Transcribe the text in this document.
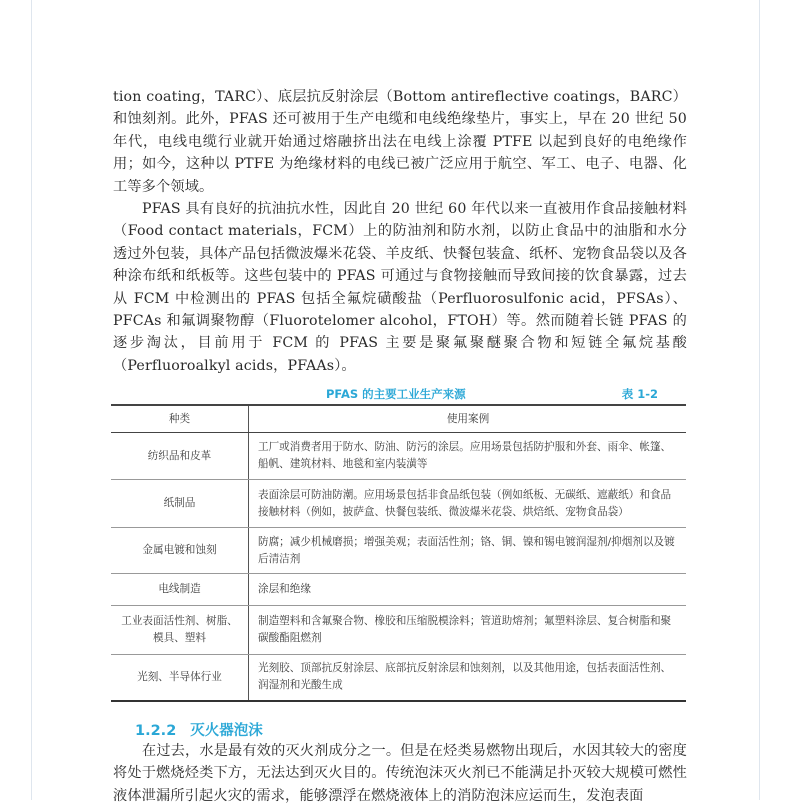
tion coating，TARC）、底层抗反射涂层（Bottom antireflective coatings，BARC）和蚀刻剂。此外，PFAS 还可被用于生产电缆和电线绝缘垫片，事实上，早在 20 世纪 50 年代，电线电缆行业就开始通过熔融挤出法在电线上涂覆 PTFE 以起到良好的电绝缘作用；如今，这种以 PTFE 为绝缘材料的电线已被广泛应用于航空、军工、电子、电器、化工等多个领域。

PFAS 具有良好的抗油抗水性，因此自 20 世纪 60 年代以来一直被用作食品接触材料（Food contact materials，FCM）上的防油剂和防水剂，以防止食品中的油脂和水分透过外包装，具体产品包括微波爆米花袋、羊皮纸、快餐包装盒、纸杯、宠物食品袋以及各种涂布纸和纸板等。这些包装中的 PFAS 可通过与食物接触而导致间接的饮食暴露，过去从 FCM 中检测出的 PFAS 包括全氟烷磺酸盐（Perfluorosulfonic acid，PFSAs）、PFCAs 和氟调聚物醇（Fluorotelomer alcohol，FTOH）等。然而随着长链 PFAS 的逐步淘汰，目前用于 FCM 的 PFAS 主要是聚氟聚醚聚合物和短链全氟烷基酸（Perfluoroalkyl acids，PFAAs）。

PFAS 的主要工业生产来源	表 1-2
种类	使用案例
纺织品和皮革	工厂或消费者用于防水、防油、防污的涂层。应用场景包括防护服和外套、雨伞、帐篷、船帆、建筑材料、地毯和室内装潢等
纸制品	表面涂层可防油防潮。应用场景包括非食品纸包装（例如纸板、无碳纸、遮蔽纸）和食品接触材料（例如，披萨盒、快餐包装纸、微波爆米花袋、烘焙纸、宠物食品袋）
金属电镀和蚀刻	防腐；减少机械磨损；增强美观；表面活性剂；铬、铜、镍和锡电镀润湿剂/抑烟剂以及镀后清洁剂
电线制造	涂层和绝缘
工业表面活性剂、树脂、模具、塑料	制造塑料和含氟聚合物、橡胶和压缩脱模涂料；管道助熔剂；氟塑料涂层、复合树脂和聚碳酸酯阻燃剂
光刻、半导体行业	光刻胶、顶部抗反射涂层、底部抗反射涂层和蚀刻剂，以及其他用途，包括表面活性剂、润湿剂和光酸生成
1.2.2 灭火器泡沫

在过去，水是最有效的灭火剂成分之一。但是在烃类易燃物出现后，水因其较大的密度将处于燃烧烃类下方，无法达到灭火目的。传统泡沫灭火剂已不能满足扑灭较大规模可燃性液体泄漏所引起火灾的需求，能够漂浮在燃烧液体上的消防泡沫应运而生，发泡表面
